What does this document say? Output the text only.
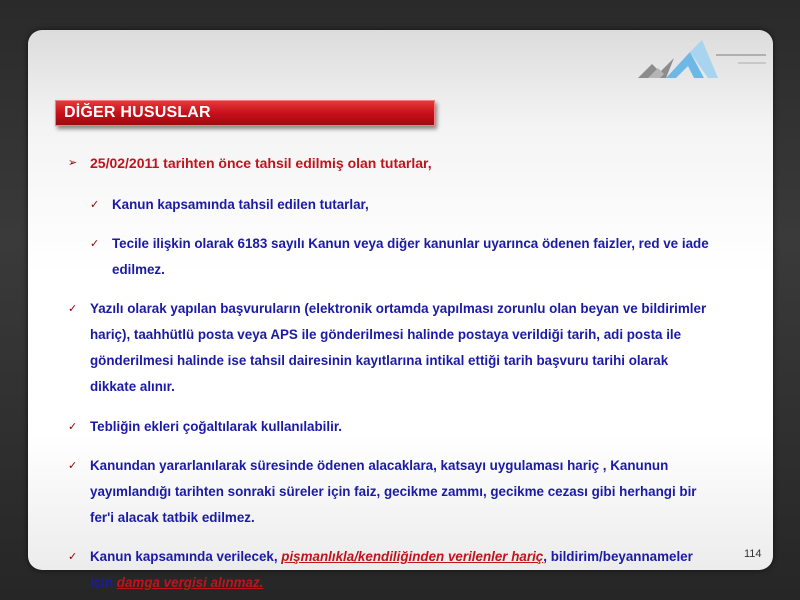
DİĞER HUSUSLAR
➢ 25/02/2011 tarihten önce tahsil edilmiş olan tutarlar,
✓ Kanun kapsamında tahsil edilen tutarlar,
✓ Tecile ilişkin olarak 6183 sayılı Kanun veya diğer kanunlar uyarınca ödenen faizler, red ve iade
edilmez.
✓ Yazılı olarak yapılan başvuruların (elektronik ortamda yapılması zorunlu olan beyan ve bildirimler
hariç), taahhütlü posta veya APS ile gönderilmesi halinde postaya verildiği tarih, adi posta ile
gönderilmesi halinde ise tahsil dairesinin kayıtlarına intikal ettiği tarih başvuru tarihi olarak
dikkate alınır.
✓ Tebliğin ekleri çoğaltılarak kullanılabilir.
✓ Kanundan yararlanılarak süresinde ödenen alacaklara, katsayı uygulaması hariç , Kanunun
yayımlandığı tarihten sonraki süreler için faiz, gecikme zammı, gecikme cezası gibi herhangi bir
fer'i alacak tatbik edilmez.
✓ Kanun kapsamında verilecek, pişmanlıkla/kendiliğinden verilenler hariç, bildirim/beyannameler
için damga vergisi alınmaz.
114
